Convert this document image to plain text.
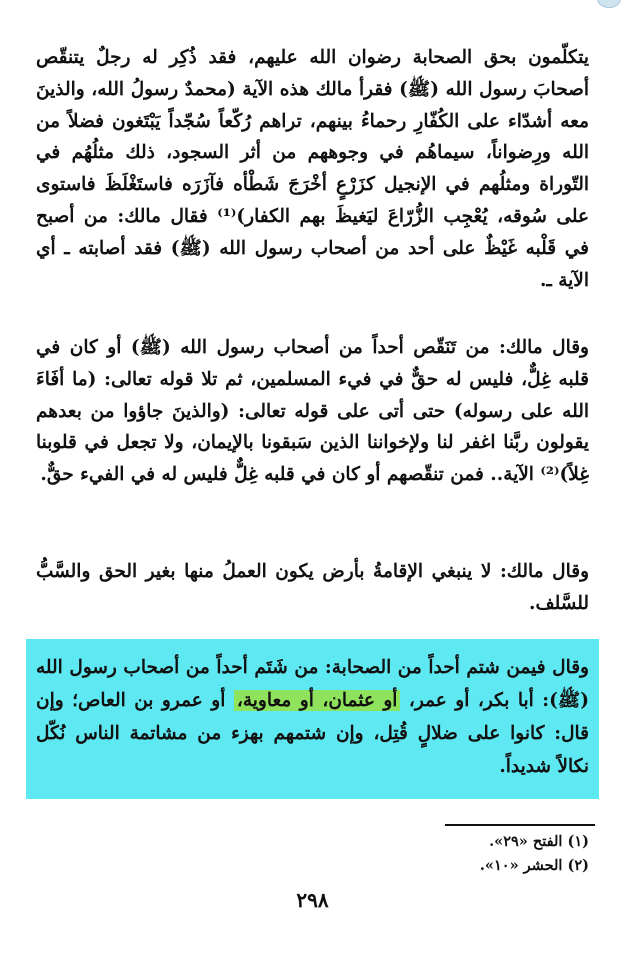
يتكلّمون بحق الصحابة رضوان الله عليهم، فقد ذُكِر له رجلٌ يتنقّص أصحابَ رسول الله (ﷺ) فقرأ مالك هذه الآية (محمدٌ رسولُ الله، والذينَ معه أشدّاء على الكُفّارِ رحماءُ بينهم، تراهم رُكّعاً سُجّداً يَبْتَغون فضلاً من الله ورِضواناً، سيماهُم في وجوههم من أثر السجود، ذلك مثلُهُم في التّوراة ومثلُهم في الإنجيل كزَرْعٍ أخْرَجَ شَطْأه فآزَرَه فاستَغْلَظَ فاستوى على سُوقه، يُعْجِب الزُّرّاعَ ليَغيظَ بهم الكفار)⁽¹⁾ فقال مالك: من أصبح في قَلْبه غَيْظٌ على أحد من أصحاب رسول الله (ﷺ) فقد أصابته ـ أي الآية ـ.

وقال مالك: من تَنَقّص أحداً من أصحاب رسول الله (ﷺ) أو كان في قلبه غِلٌّ، فليس له حقٌّ في فيء المسلمين، ثم تلا قوله تعالى: (ما أفَاءَ الله على رسوله) حتى أتى على قوله تعالى: (والذينَ جاؤوا من بعدهم يقولون ربَّنا اغفر لنا ولإخواننا الذين سَبقونا بالإيمان، ولا تجعل في قلوبنا غِلاً)⁽²⁾ الآية.. فمن تنقّصهم أو كان في قلبه غِلٌّ فليس له في الفيء حقٌّ.

وقال مالك: لا ينبغي الإقامةُ بأرض يكون العملُ منها بغير الحق والسَّبُّ للسَّلف.

وقال فيمن شتم أحداً من الصحابة: من شَتَم أحداً من أصحاب رسول الله (ﷺ): أبا بكر، أو عمر، أو عثمان، أو معاوية، أو عمرو بن العاص؛ وإن قال: كانوا على ضلالٍ قُتِل، وإن شتمهم بهزء من مشاتمة الناس نُكّل نكالاً شديداً.

(١) الفتح «٢٩».
(٢) الحشر «١٠».
٢٩٨
